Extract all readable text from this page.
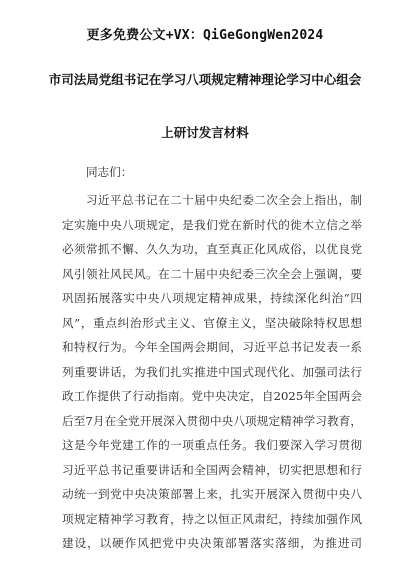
更多免费公文+VX：QiGeGongWen2024
市司法局党组书记在学习八项规定精神理论学习中心组会
上研讨发言材料
同志们：
习近平总书记在二十届中央纪委二次全会上指出，制
定实施中央八项规定，是我们党在新时代的徙木立信之举
必须常抓不懈、久久为功，直至真正化风成俗，以优良党
风引领社风民风。在二十届中央纪委三次全会上强调，要
巩固拓展落实中央八项规定精神成果，持续深化纠治“四
风”，重点纠治形式主义、官僚主义，坚决破除特权思想
和特权行为。今年全国两会期间，习近平总书记发表一系
列重要讲话，为我们扎实推进中国式现代化、加强司法行
政工作提供了行动指南。党中央决定，自2025年全国两会
后至7月在全党开展深入贯彻中央八项规定精神学习教育，
这是今年党建工作的一项重点任务。我们要深入学习贯彻
习近平总书记重要讲话和全国两会精神，切实把思想和行
动统一到党中央决策部署上来，扎实开展深入贯彻中央八
项规定精神学习教育，持之以恒正风肃纪，持续加强作风
建设，以硬作风把党中央决策部署落实落细，为推进司
